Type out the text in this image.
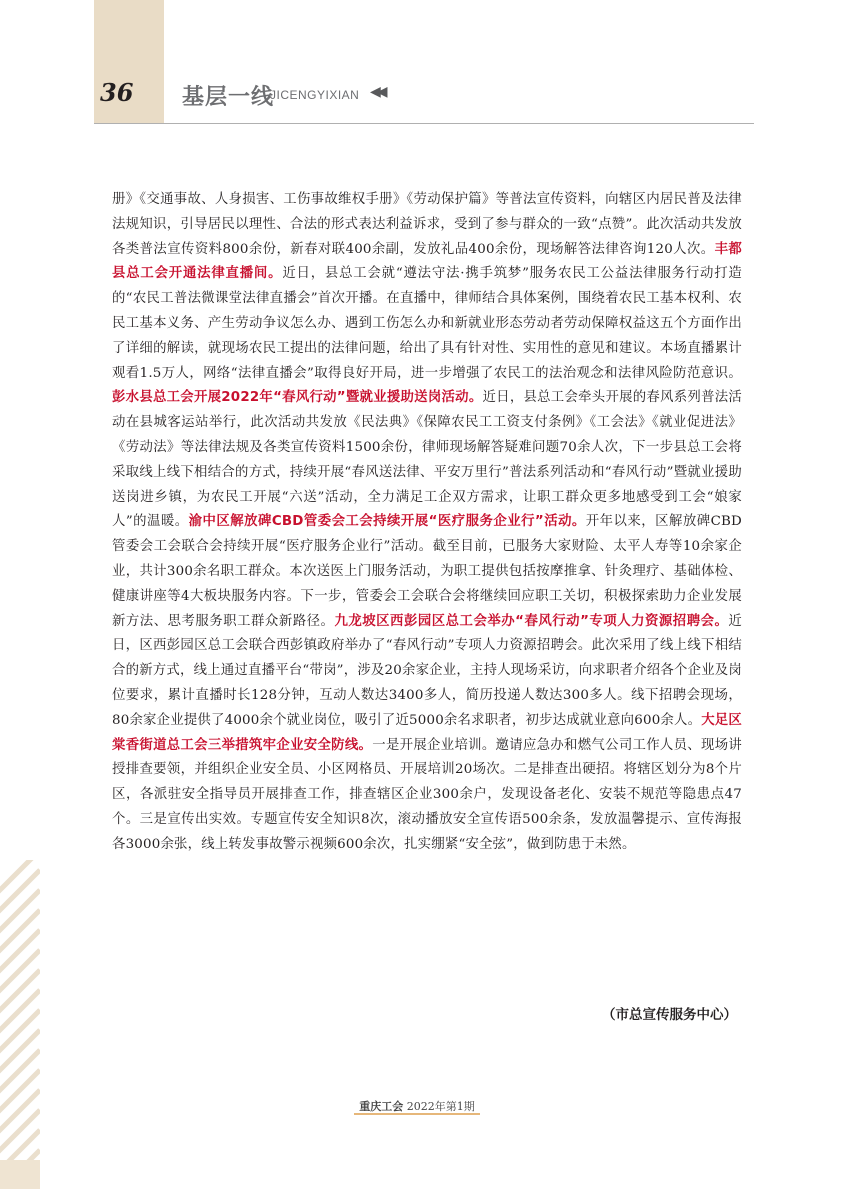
36 基层一线
JICENGYIXIAN ◀◀
册》《交通事故、人身损害、工伤事故维权手册》《劳动保护篇》等普法宣传资料，向辖区内居民普及法律法规知识，引导居民以理性、合法的形式表达利益诉求，受到了参与群众的一致“点赞”。此次活动共发放各类普法宣传资料800余份，新春对联400余副，发放礼品400余份，现场解答法律咨询120人次。丰都县总工会开通法律直播间。近日，县总工会就“遵法守法·携手筑梦”服务农民工公益法律服务行动打造的“农民工普法微课堂法律直播会”首次开播。在直播中，律师结合具体案例，围绕着农民工基本权利、农民工基本义务、产生劳动争议怎么办、遇到工伤怎么办和新就业形态劳动者劳动保障权益这五个方面作出了详细的解读，就现场农民工提出的法律问题，给出了具有针对性、实用性的意见和建议。本场直播累计观看1.5万人，网络“法律直播会”取得良好开局，进一步增强了农民工的法治观念和法律风险防范意识。彭水县总工会开展2022年“春风行动”暨就业援助送岗活动。近日，县总工会牵头开展的春风系列普法活动在县城客运站举行，此次活动共发放《民法典》《保障农民工工资支付条例》《工会法》《就业促进法》《劳动法》等法律法规及各类宣传资料1500余份，律师现场解答疑难问题70余人次，下一步县总工会将采取线上线下相结合的方式，持续开展“春风送法律、平安万里行”普法系列活动和“春风行动”暨就业援助送岗进乡镇，为农民工开展“六送”活动，全力满足工企双方需求，让职工群众更多地感受到工会“娘家人”的温暖。渝中区解放碑CBD管委会工会持续开展“医疗服务企业行”活动。开年以来，区解放碑CBD管委会工会联合会持续开展“医疗服务企业行”活动。截至目前，已服务大家财险、太平人寿等10余家企业，共计300余名职工群众。本次送医上门服务活动，为职工提供包括按摩推拿、针灸理疗、基础体检、健康讲座等4大板块服务内容。下一步，管委会工会联合会将继续回应职工关切，积极探索助力企业发展新方法、思考服务职工群众新路径。九龙坡区西彭园区总工会举办“春风行动”专项人力资源招聘会。近日，区西彭园区总工会联合西彭镇政府举办了“春风行动”专项人力资源招聘会。此次采用了线上线下相结合的新方式，线上通过直播平台“带岗”，涉及20余家企业，主持人现场采访，向求职者介绍各个企业及岗位要求，累计直播时长128分钟，互动人数达3400多人，简历投递人数达300多人。线下招聘会现场，80余家企业提供了4000余个就业岗位，吸引了近5000余名求职者，初步达成就业意向600余人。大足区棠香街道总工会三举措筑牢企业安全防线。一是开展企业培训。邀请应急办和燃气公司工作人员、现场讲授排查要领，并组织企业安全员、小区网格员、开展培训20场次。二是排查出硬招。将辖区划分为8个片区，各派驻安全指导员开展排查工作，排查辖区企业300余户，发现设备老化、安装不规范等隐患点47个。三是宣传出实效。专题宣传安全知识8次，滚动播放安全宣传语500余条，发放温馨提示、宣传海报各3000余张，线上转发事故警示视频600余次，扎实绷紧“安全弦”，做到防患于未然。
（市总宣传服务中心）
重庆工会 2022年第1期
